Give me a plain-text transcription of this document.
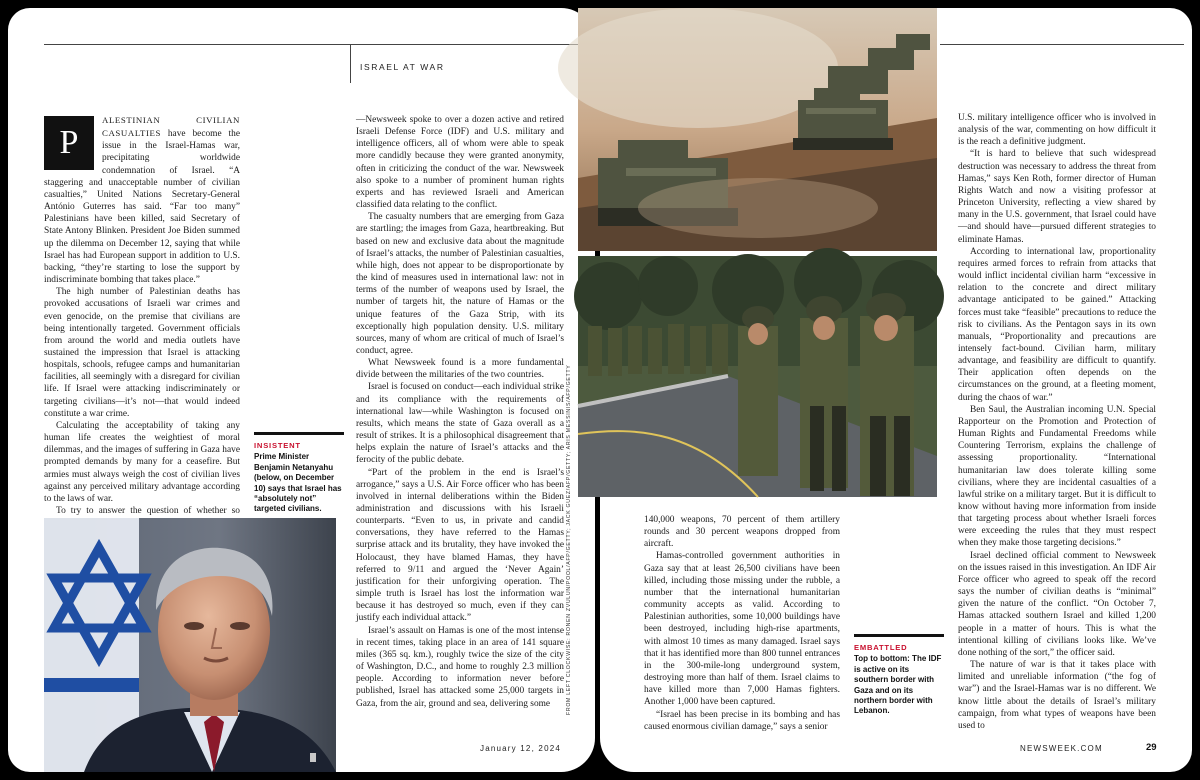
ISRAEL AT WAR

P
ALESTINIAN CIVILIAN CASUALTIES have become the issue in the Israel-Hamas war, precipitating worldwide condemnation of Israel. “A staggering and unacceptable number of civilian casualties,” United Nations Secretary-General António Guterres has said. “Far too many” Palestinians have been killed, said Secretary of State Antony Blinken. President Joe Biden summed up the dilemma on December 12, saying that while Israel has had European support in addition to U.S. backing, “they’re starting to lose the support by indiscriminate bombing that takes place.”

The high number of Palestinian deaths has provoked accusations of Israeli war crimes and even genocide, on the premise that civilians are being intentionally targeted. Government officials from around the world and media outlets have sustained the impression that Israel is attacking hospitals, schools, refugee camps and humanitarian facilities, all seemingly with a disregard for civilian life. If Israel were attacking indiscriminately or targeting civilians—it’s not—that would indeed constitute a war crime.

Calculating the acceptability of taking any human life creates the weightiest of moral dilemmas, and the images of suffering in Gaza have prompted demands by many for a ceasefire. But armies must always weigh the cost of civilian lives against any perceived military advantage according to the laws of war.

To try to answer the question of whether so

INSISTENT
Prime Minister Benjamin Netanyahu (below, on December 10) says that Israel has “absolutely not” targeted civilians.

—Newsweek spoke to over a dozen active and retired Israeli Defense Force (IDF) and U.S. military and intelligence officers, all of whom were able to speak more candidly because they were granted anonymity, often in criticizing the conduct of the war. Newsweek also spoke to a number of prominent human rights experts and has reviewed Israeli and American classified data relating to the conflict.

The casualty numbers that are emerging from Gaza are startling; the images from Gaza, heartbreaking. But based on new and exclusive data about the magnitude of Israel’s attacks, the number of Palestinian casualties, while high, does not appear to be disproportionate by the kind of measures used in international law: not in terms of the number of weapons used by Israel, the number of targets hit, the nature of Hamas or the unique features of the Gaza Strip, with its exceptionally high population density. U.S. military sources, many of whom are critical of much of Israel’s conduct, agree.

What Newsweek found is a more fundamental divide between the militaries of the two countries.

Israel is focused on conduct—each individual strike and its compliance with the requirements of international law—while Washington is focused on results, which means the state of Gaza overall as a result of strikes. It is a philosophical disagreement that helps explain the nature of Israel’s attacks and the ferocity of the public debate.

“Part of the problem in the end is Israel’s arrogance,” says a U.S. Air Force officer who has been involved in internal deliberations within the Biden administration and discussions with his Israeli counterparts. “Even to us, in private and candid conversations, they have referred to the Hamas surprise attack and its brutality, they have invoked the Holocaust, they have blamed Hamas, they have referred to 9/11 and argued the ‘Never Again’ justification for their unforgiving operation. The simple truth is Israel has lost the information war because it has destroyed so much, even if they can justify each individual attack.”

Israel’s assault on Hamas is one of the most intense in recent times, taking place in an area of 141 square miles (365 sq. km.), roughly twice the size of the city of Washington, D.C., and home to roughly 2.3 million people. According to information never before published, Israel has attacked some 25,000 targets in Gaza, from the air, ground and sea, delivering some

January 12, 2024
FROM LEFT CLOCKWISE: RONEN ZVULUN/POOL/AFP/GETTY; JACK GUEZ/AFP/GETTY; ARIS MESSINIS/AFP/GETTY	140,000 weapons, 70 percent of them artillery rounds and 30 percent weapons dropped from aircraft.

Hamas-controlled government authorities in Gaza say that at least 26,500 civilians have been killed, including those missing under the rubble, a number that the international humanitarian community accepts as valid. According to Palestinian authorities, some 10,000 buildings have been destroyed, including high-rise apartments, with almost 10 times as many damaged. Israel says that it has identified more than 800 tunnel entrances in the 300-mile-long underground system, destroying more than half of them. Israel claims to have killed more than 7,000 Hamas fighters. Another 1,000 have been captured.

“Israel has been precise in its bombing and has caused enormous civilian damage,” says a senior

EMBATTLED
Top to bottom: The IDF is active on its southern border with Gaza and on its northern border with Lebanon.

U.S. military intelligence officer who is involved in analysis of the war, commenting on how difficult it is the reach a definitive judgment.

“It is hard to believe that such widespread destruction was necessary to address the threat from Hamas,” says Ken Roth, former director of Human Rights Watch and now a visiting professor at Princeton University, reflecting a view shared by many in the U.S. government, that Israel could have—and should have—pursued different strategies to eliminate Hamas.

According to international law, proportionality requires armed forces to refrain from attacks that would inflict incidental civilian harm “excessive in relation to the concrete and direct military advantage anticipated to be gained.” Attacking forces must take “feasible” precautions to reduce the risk to civilians. As the Pentagon says in its own manuals, “Proportionality and precautions are intensely fact-bound. Civilian harm, military advantage, and feasibility are difficult to quantify. Their application often depends on the circumstances on the ground, at a fleeting moment, during the chaos of war.”

Ben Saul, the Australian incoming U.N. Special Rapporteur on the Promotion and Protection of Human Rights and Fundamental Freedoms while Countering Terrorism, explains the challenge of assessing proportionality. “International humanitarian law does tolerate killing some civilians, where they are incidental casualties of a lawful strike on a military target. But it is difficult to know without having more information from inside that targeting process about whether Israeli forces were exceeding the rules that they must respect when they make those targeting decisions.”

Israel declined official comment to Newsweek on the issues raised in this investigation. An IDF Air Force officer who agreed to speak off the record says the number of civilian deaths is “minimal” given the nature of the conflict. “On October 7, Hamas attacked southern Israel and killed 1,200 people in a matter of hours. This is what the intentional killing of civilians looks like. We’ve done nothing of the sort,” the officer said.

The nature of war is that it takes place with limited and unreliable information (“the fog of war”) and the Israel-Hamas war is no different. We know little about the details of Israel’s military campaign, from what types of weapons have been used to

NEWSWEEK.COM	29
